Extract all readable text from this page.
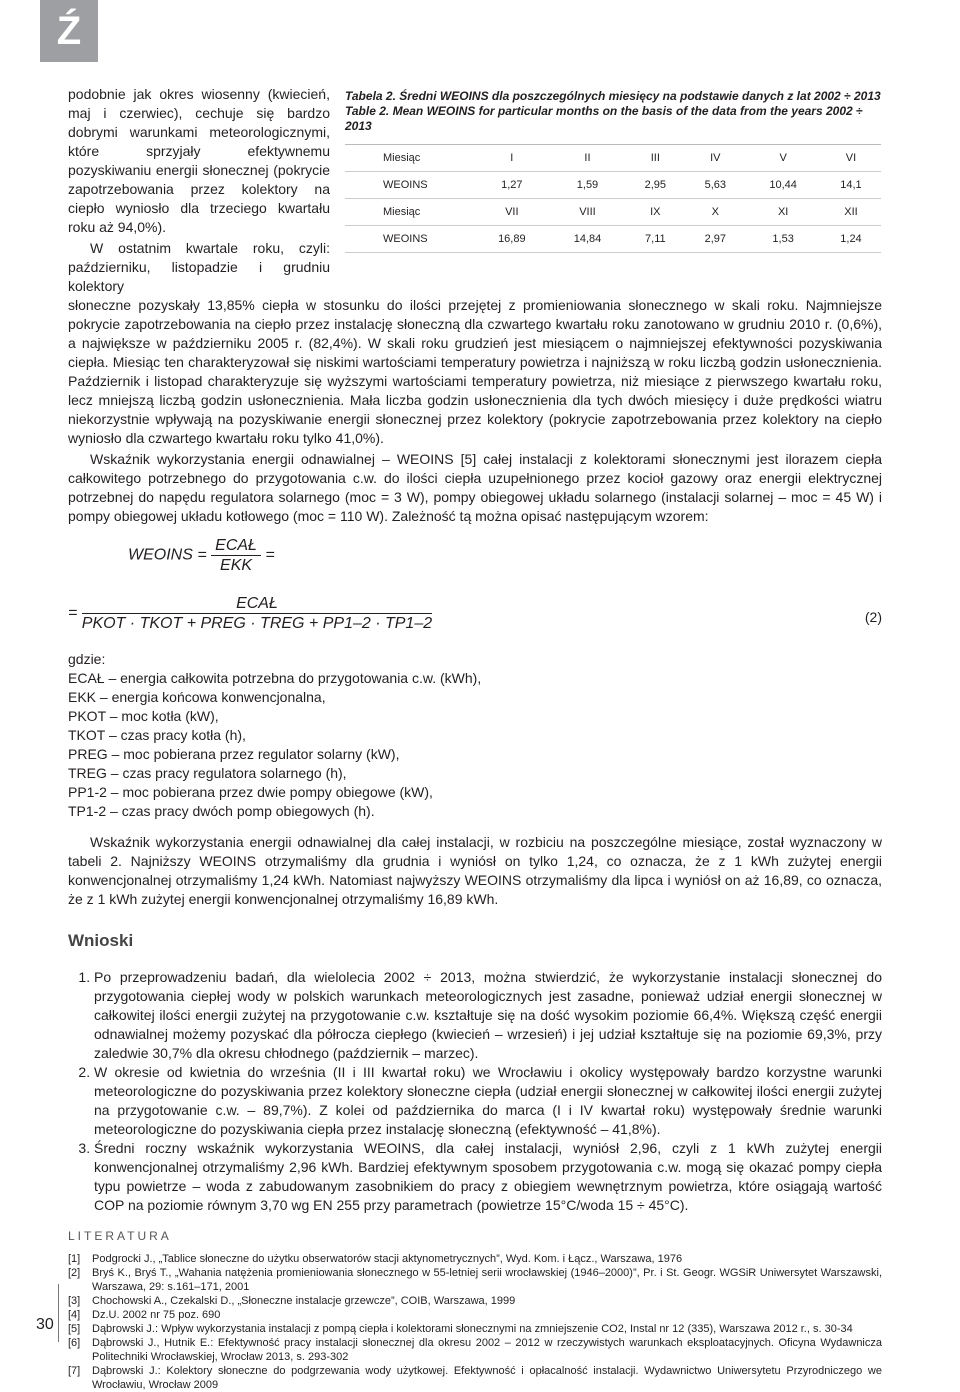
Ź
30
Tabela 2. Średni WEOINS dla poszczególnych miesięcy na podstawie danych z lat 2002 ÷ 2013
Table 2. Mean WEOINS for particular months on the basis of the data from the years 2002 ÷ 2013
Miesiąc	I	II	III	IV	V	VI
WEOINS	1,27	1,59	2,95	5,63	10,44	14,1
Miesiąc	VII	VIII	IX	X	XI	XII
WEOINS	16,89	14,84	7,11	2,97	1,53	1,24

podobnie jak okres wiosenny (kwiecień, maj i czerwiec), cechuje się bardzo dobrymi warunkami meteorologicznymi, które sprzyjały efektywnemu pozyskiwaniu energii słonecznej (pokrycie zapotrzebowania przez kolektory na ciepło wyniosło dla trzeciego kwartału roku aż 94,0%).

W ostatnim kwartale roku, czyli: październiku, listopadzie i grudniu kolektory

słoneczne pozyskały 13,85% ciepła w stosunku do ilości przejętej z promieniowania słonecznego w skali roku. Najmniejsze pokrycie zapotrzebowania na ciepło przez instalację słoneczną dla czwartego kwartału roku zanotowano w grudniu 2010 r. (0,6%), a największe w październiku 2005 r. (82,4%). W skali roku grudzień jest miesiącem o najmniejszej efektywności pozyskiwania ciepła. Miesiąc ten charakteryzował się niskimi wartościami temperatury powietrza i najniższą w roku liczbą godzin usłonecznienia. Październik i listopad charakteryzuje się wyższymi wartościami temperatury powietrza, niż miesiące z pierwszego kwartału roku, lecz mniejszą liczbą godzin usłonecznienia. Mała liczba godzin usłonecznienia dla tych dwóch miesięcy i duże prędkości wiatru niekorzystnie wpływają na pozyskiwanie energii słonecznej przez kolektory (pokrycie zapotrzebowania przez kolektory na ciepło wyniosło dla czwartego kwartału roku tylko 41,0%).

Wskaźnik wykorzystania energii odnawialnej – WEOINS [5] całej instalacji z kolektorami słonecznymi jest ilorazem ciepła całkowitego potrzebnego do przygotowania c.w. do ilości ciepła uzupełnionego przez kocioł gazowy oraz energii elektrycznej potrzebnej do napędu regulatora solarnego (moc = 3 W), pompy obiegowej układu solarnego (instalacji solarnej – moc = 45 W) i pompy obiegowej układu kotłowego (moc = 110 W). Zależność tą można opisać następującym wzorem:

WEOINS = $\frac{\text{ECAŁ}}{\text{EKK}}$ =
= $\frac{\text{ECAŁ}}{\text{PKOT · TKOT + PREG · TREG + PP1–2 · TP1–2}}$	(2)

gdzie:

ECAŁ – energia całkowita potrzebna do przygotowania c.w. (kWh),

EKK – energia końcowa konwencjonalna,

PKOT – moc kotła (kW),

TKOT – czas pracy kotła (h),

PREG – moc pobierana przez regulator solarny (kW),

TREG – czas pracy regulatora solarnego (h),

PP1-2 – moc pobierana przez dwie pompy obiegowe (kW),

TP1-2 – czas pracy dwóch pomp obiegowych (h).

Wskaźnik wykorzystania energii odnawialnej dla całej instalacji, w rozbiciu na poszczególne miesiące, został wyznaczony w tabeli 2. Najniższy WEOINS otrzymaliśmy dla grudnia i wyniósł on tylko 1,24, co oznacza, że z 1 kWh zużytej energii konwencjonalnej otrzymaliśmy 1,24 kWh. Natomiast najwyższy WEOINS otrzymaliśmy dla lipca i wyniósł on aż 16,89, co oznacza, że z 1 kWh zużytej energii konwencjonalnej otrzymaliśmy 16,89 kWh.

Wnioski
1. Po przeprowadzeniu badań, dla wielolecia 2002 ÷ 2013, można stwierdzić, że wykorzystanie instalacji słonecznej do przygotowania ciepłej wody w polskich warunkach meteorologicznych jest zasadne, ponieważ udział energii słonecznej w całkowitej ilości energii zużytej na przygotowanie c.w. kształtuje się na dość wysokim poziomie 66,4%. Większą część energii odnawialnej możemy pozyskać dla półrocza ciepłego (kwiecień – wrzesień) i jej udział kształtuje się na poziomie 69,3%, przy zaledwie 30,7% dla okresu chłodnego (październik – marzec).
2. W okresie od kwietnia do września (II i III kwartał roku) we Wrocławiu i okolicy występowały bardzo korzystne warunki meteorologiczne do pozyskiwania przez kolektory słoneczne ciepła (udział energii słonecznej w całkowitej ilości energii zużytej na przygotowanie c.w. – 89,7%). Z kolei od października do marca (I i IV kwartał roku) występowały średnie warunki meteorologiczne do pozyskiwania ciepła przez instalację słoneczną (efektywność – 41,8%).
3. Średni roczny wskaźnik wykorzystania WEOINS, dla całej instalacji, wyniósł 2,96, czyli z 1 kWh zużytej energii konwencjonalnej otrzymaliśmy 2,96 kWh. Bardziej efektywnym sposobem przygotowania c.w. mogą się okazać pompy ciepła typu powietrze – woda z zabudowanym zasobnikiem do pracy z obiegiem wewnętrznym powietrza, które osiągają wartość COP na poziomie równym 3,70 wg EN 255 przy parametrach (powietrze 15°C/woda 15 ÷ 45°C).
LITERATURA
[1]	Podgrocki J., „Tablice słoneczne do użytku obserwatorów stacji aktynometrycznych”, Wyd. Kom. i Łącz., Warszawa, 1976
[2]	Bryś K., Bryś T., „Wahania natężenia promieniowania słonecznego w 55-letniej serii wrocławskiej (1946–2000)”, Pr. i St. Geogr. WGSiR Uniwersytet Warszawski, Warszawa, 29: s.161–171, 2001
[3]	Chochowski A., Czekalski D., „Słoneczne instalacje grzewcze”, COIB, Warszawa, 1999
[4]	Dz.U. 2002 nr 75 poz. 690
[5]	Dąbrowski J.: Wpływ wykorzystania instalacji z pompą ciepła i kolektorami słonecznymi na zmniejszenie CO2, Instal nr 12 (335), Warszawa 2012 r., s. 30-34
[6]	Dąbrowski J., Hutnik E.: Efektywność pracy instalacji słonecznej dla okresu 2002 – 2012 w rzeczywistych warunkach eksploatacyjnych. Oficyna Wydawnicza Politechniki Wrocławskiej, Wrocław 2013, s. 293-302
[7]	Dąbrowski J.: Kolektory słoneczne do podgrzewania wody użytkowej. Efektywność i opłacalność instalacji. Wydawnictwo Uniwersytetu Przyrodniczego we Wrocławiu, Wrocław 2009
